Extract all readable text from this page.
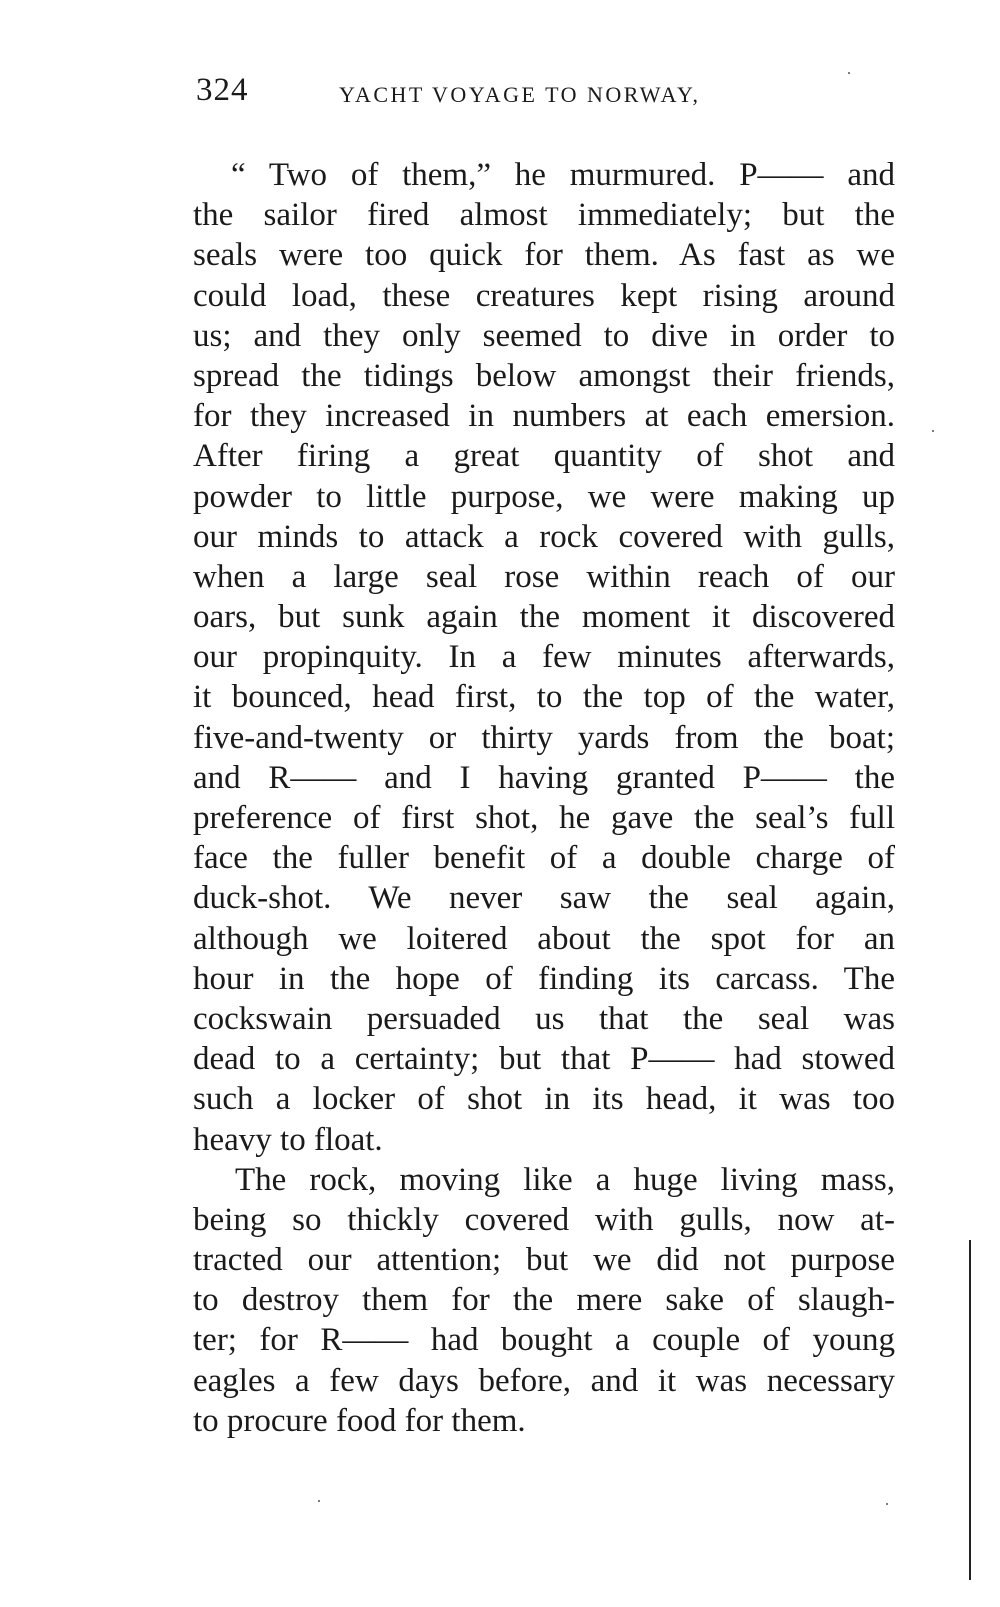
324	YACHT VOYAGE TO NORWAY,
“ Two of them,” he murmured. P—— and
the sailor fired almost immediately; but the
seals were too quick for them. As fast as we
could load, these creatures kept rising around
us; and they only seemed to dive in order to
spread the tidings below amongst their friends,
for they increased in numbers at each emersion.
After firing a great quantity of shot and
powder to little purpose, we were making up
our minds to attack a rock covered with gulls,
when a large seal rose within reach of our
oars, but sunk again the moment it discovered
our propinquity. In a few minutes afterwards,
it bounced, head first, to the top of the water,
five-and-twenty or thirty yards from the boat;
and R—— and I having granted P—— the
preference of first shot, he gave the seal’s full
face the fuller benefit of a double charge of
duck-shot. We never saw the seal again,
although we loitered about the spot for an
hour in the hope of finding its carcass. The
cockswain persuaded us that the seal was
dead to a certainty; but that P—— had stowed
such a locker of shot in its head, it was too
heavy to float.
The rock, moving like a huge living mass,
being so thickly covered with gulls, now at-
tracted our attention; but we did not purpose
to destroy them for the mere sake of slaugh-
ter; for R—— had bought a couple of young
eagles a few days before, and it was necessary
to procure food for them.
